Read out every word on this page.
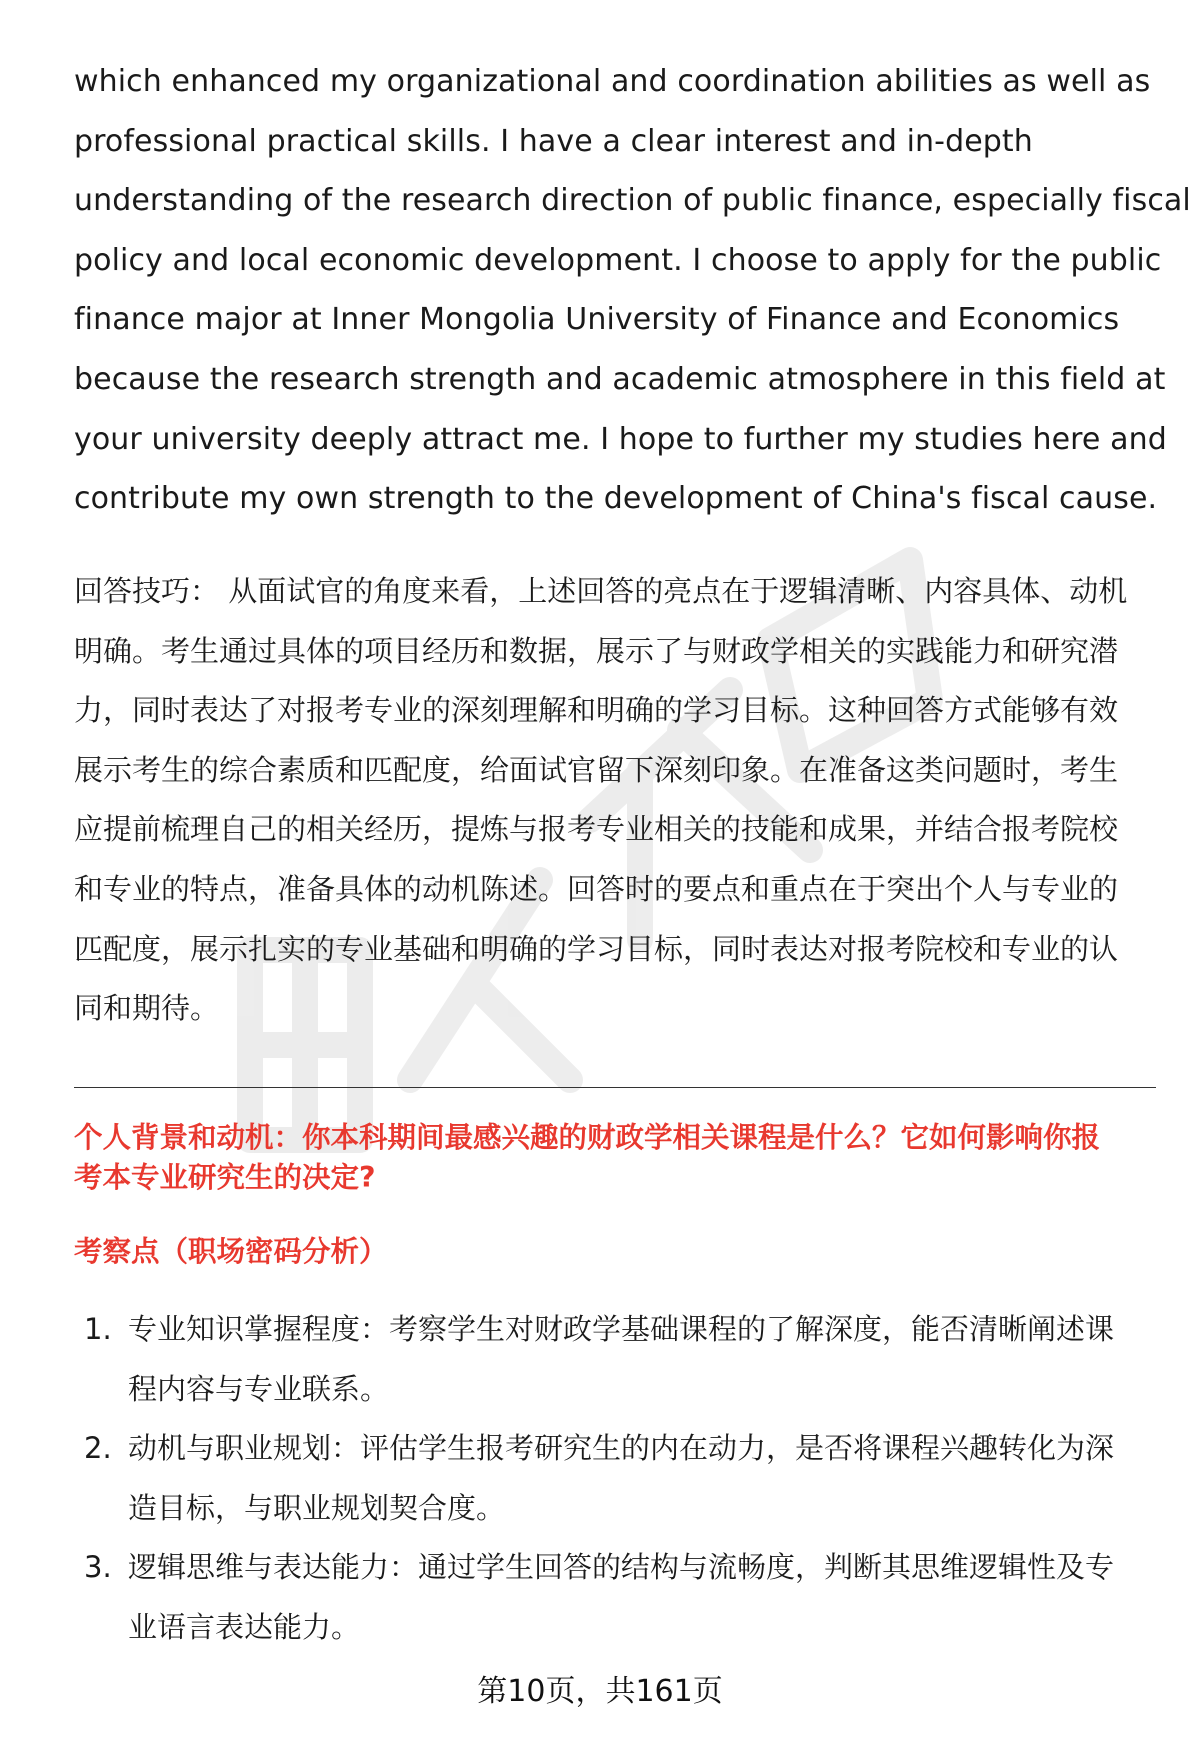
which enhanced my organizational and coordination abilities as well as
professional practical skills. I have a clear interest and in-depth
understanding of the research direction of public finance, especially fiscal
policy and local economic development. I choose to apply for the public
finance major at Inner Mongolia University of Finance and Economics
because the research strength and academic atmosphere in this field at
your university deeply attract me. I hope to further my studies here and
contribute my own strength to the development of China's fiscal cause.
回答技巧： 从面试官的角度来看，上述回答的亮点在于逻辑清晰、内容具体、动机
明确。考生通过具体的项目经历和数据，展示了与财政学相关的实践能力和研究潜
力，同时表达了对报考专业的深刻理解和明确的学习目标。这种回答方式能够有效
展示考生的综合素质和匹配度，给面试官留下深刻印象。在准备这类问题时，考生
应提前梳理自己的相关经历，提炼与报考专业相关的技能和成果，并结合报考院校
和专业的特点，准备具体的动机陈述。回答时的要点和重点在于突出个人与专业的
匹配度，展示扎实的专业基础和明确的学习目标，同时表达对报考院校和专业的认
同和期待。
个人背景和动机：你本科期间最感兴趣的财政学相关课程是什么？它如何影响你报
考本专业研究生的决定?
考察点（职场密码分析）
1. 专业知识掌握程度：考察学生对财政学基础课程的了解深度，能否清晰阐述课
程内容与专业联系。
2. 动机与职业规划：评估学生报考研究生的内在动力，是否将课程兴趣转化为深
造目标，与职业规划契合度。
3. 逻辑思维与表达能力：通过学生回答的结构与流畅度，判断其思维逻辑性及专
业语言表达能力。
第10页，共161页
